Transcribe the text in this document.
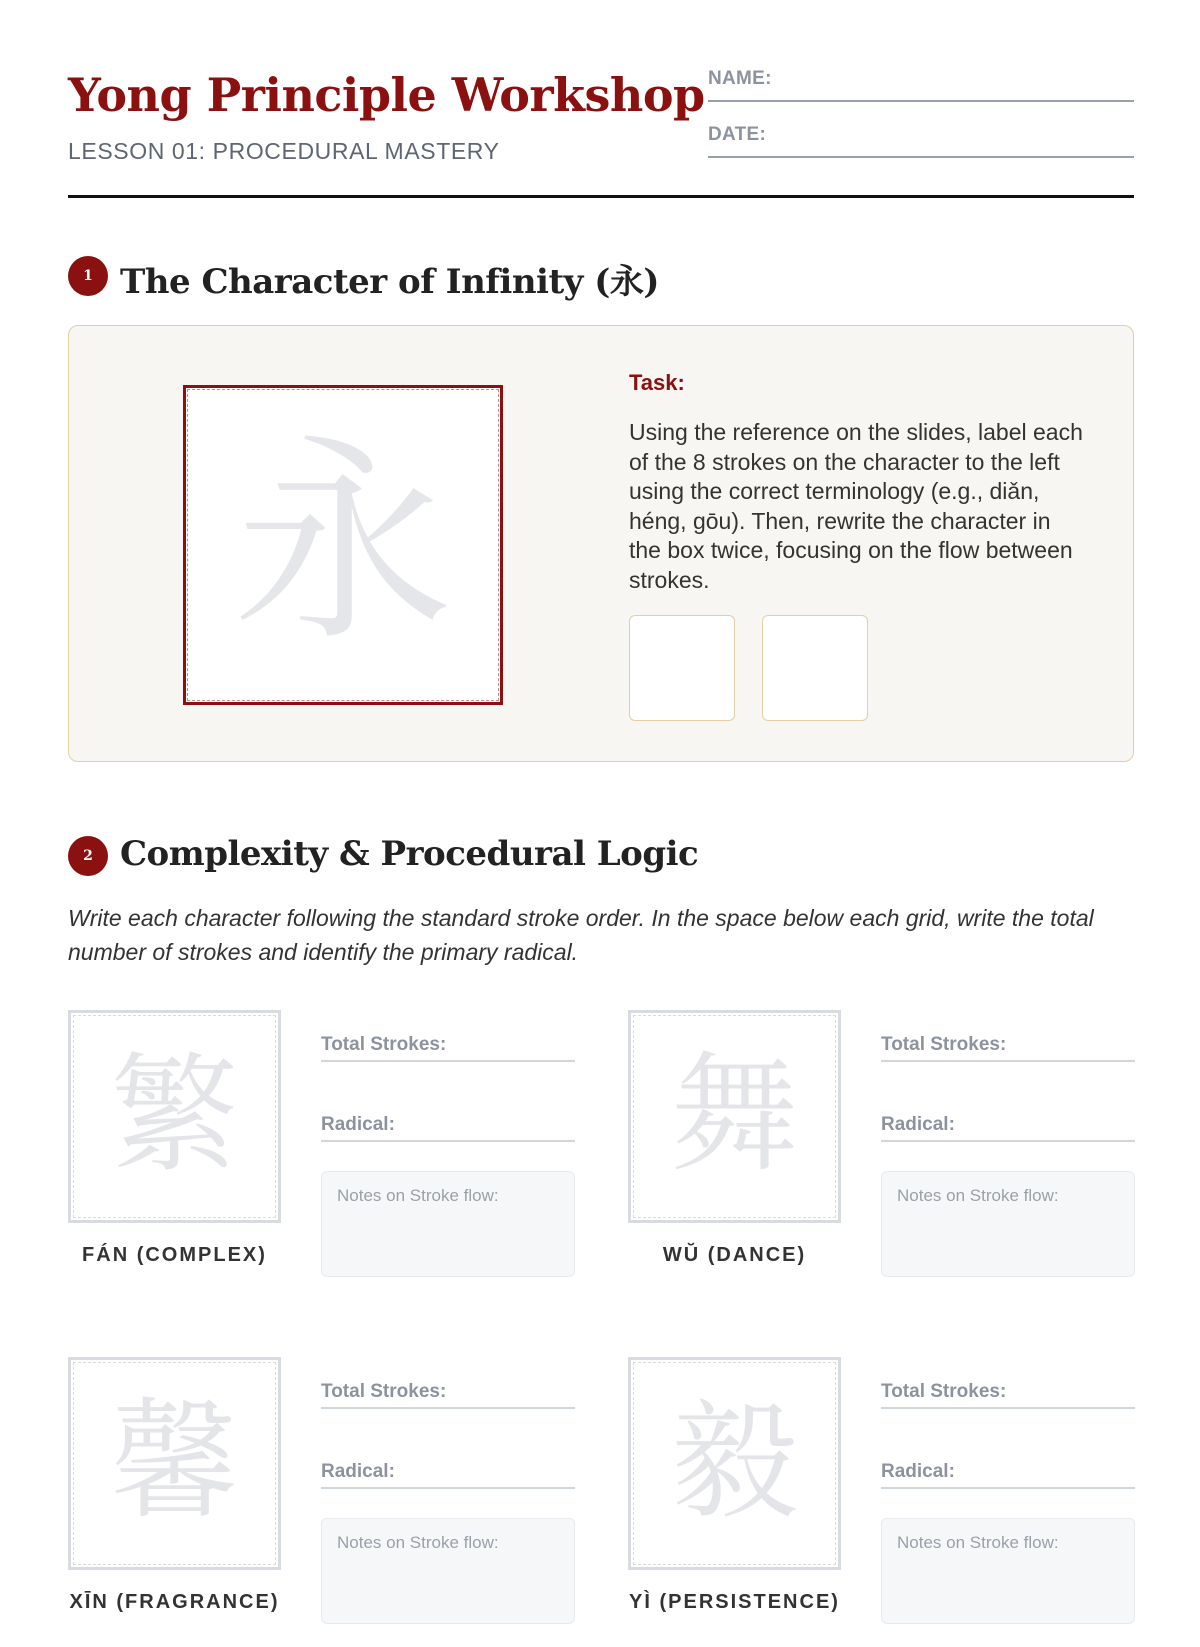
Yong Principle Workshop
LESSON 01: PROCEDURAL MASTERY
NAME:
DATE:
1 The Character of Infinity (永)
永
Task:
Using the reference on the slides, label each of the 8 strokes on the character to the left using the correct terminology (e.g., diǎn, héng, gōu). Then, rewrite the character in the box twice, focusing on the flow between strokes.
2 Complexity & Procedural Logic
Write each character following the standard stroke order. In the space below each grid, write the total number of strokes and identify the primary radical.
繁
FÁN (COMPLEX)
Total Strokes:
Radical:
Notes on Stroke flow:
舞
WŬ (DANCE)
Total Strokes:
Radical:
Notes on Stroke flow:
馨
XĪN (FRAGRANCE)
Total Strokes:
Radical:
Notes on Stroke flow:
毅
YÌ (PERSISTENCE)
Total Strokes:
Radical:
Notes on Stroke flow:
